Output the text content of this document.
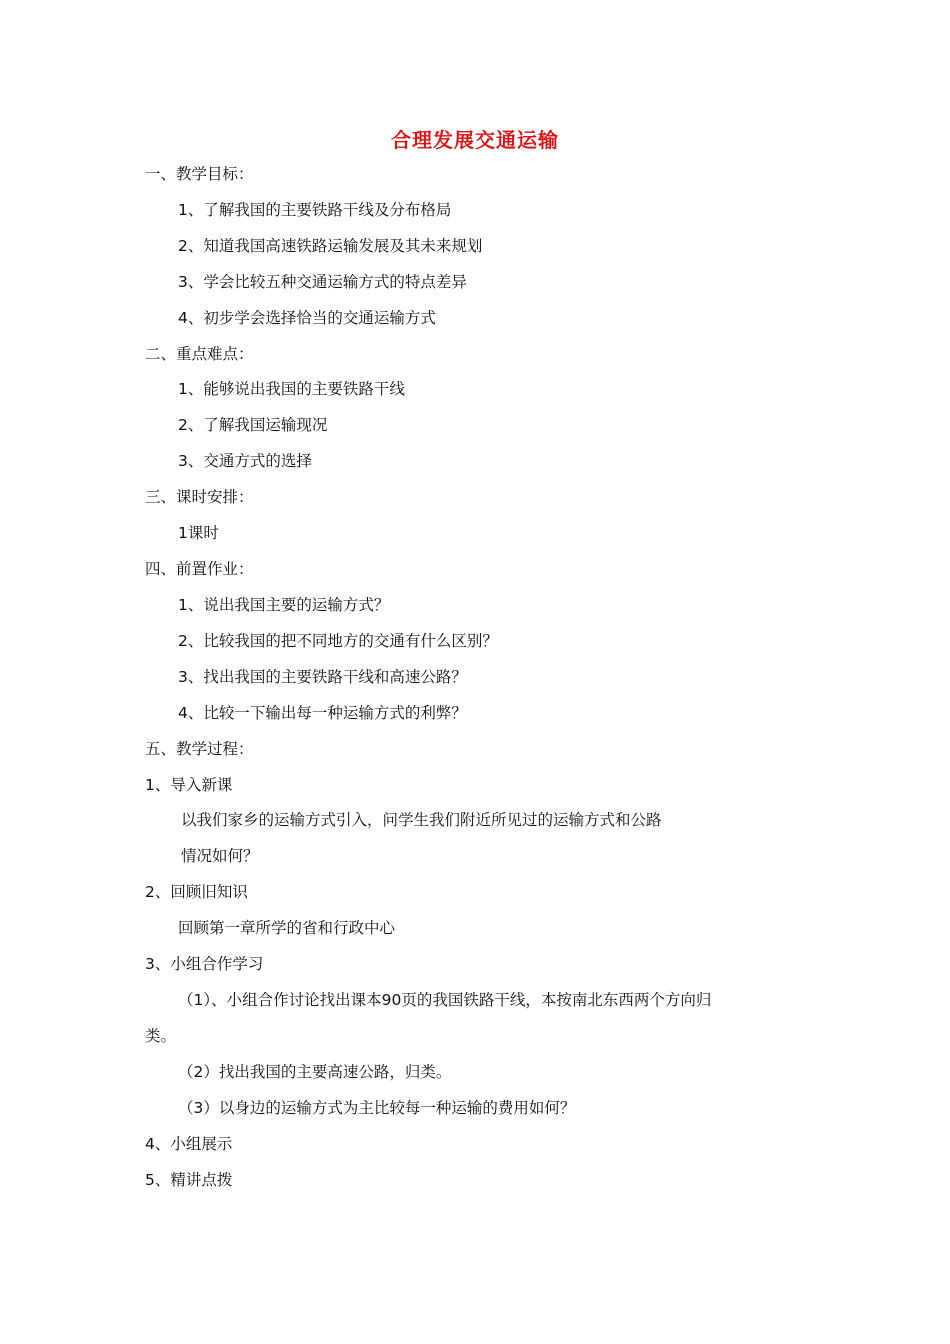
合理发展交通运输
一、教学目标：
1、了解我国的主要铁路干线及分布格局
2、知道我国高速铁路运输发展及其未来规划
3、学会比较五种交通运输方式的特点差异
4、初步学会选择恰当的交通运输方式
二、重点难点：
1、能够说出我国的主要铁路干线
2、了解我国运输现况
3、交通方式的选择
三、课时安排：
1课时
四、前置作业：
1、说出我国主要的运输方式？
2、比较我国的把不同地方的交通有什么区别？
3、找出我国的主要铁路干线和高速公路？
4、比较一下输出每一种运输方式的利弊？
五、教学过程：
1、导入新课
以我们家乡的运输方式引入，问学生我们附近所见过的运输方式和公路
情况如何？
2、回顾旧知识
回顾第一章所学的省和行政中心
3、小组合作学习
（1）、小组合作讨论找出课本90页的我国铁路干线，本按南北东西两个方向归
类。
（2）找出我国的主要高速公路，归类。
（3）以身边的运输方式为主比较每一种运输的费用如何？
4、小组展示
5、精讲点拨
